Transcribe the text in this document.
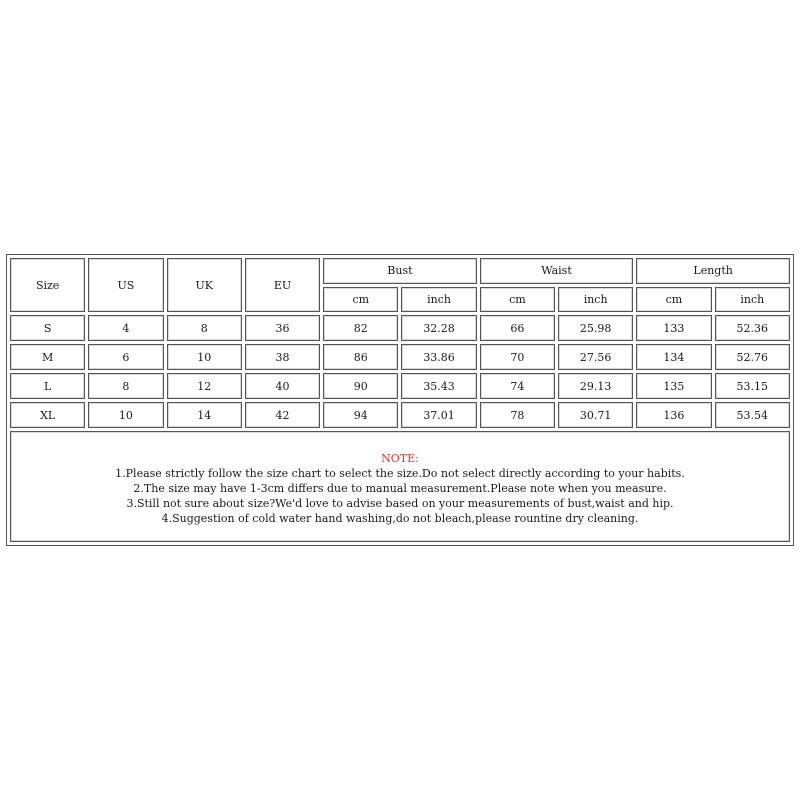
Size	US	UK	EU	Bust		Waist		Length	
				cm	inch	cm	inch	cm	inch
S	4	8	36	82	32.28	66	25.98	133	52.36
M	6	10	38	86	33.86	70	27.56	134	52.76
L	8	12	40	90	35.43	74	29.13	135	53.15
XL	10	14	42	94	37.01	78	30.71	136	53.54
NOTE:
1.Please strictly follow the size chart to select the size.Do not select directly according to your habits.
2.The size may have 1-3cm differs due to manual measurement.Please note when you measure.
3.Still not sure about size?We'd love to advise based on your measurements of bust,waist and hip.
4.Suggestion of cold water hand washing,do not bleach,please rountine dry cleaning.
